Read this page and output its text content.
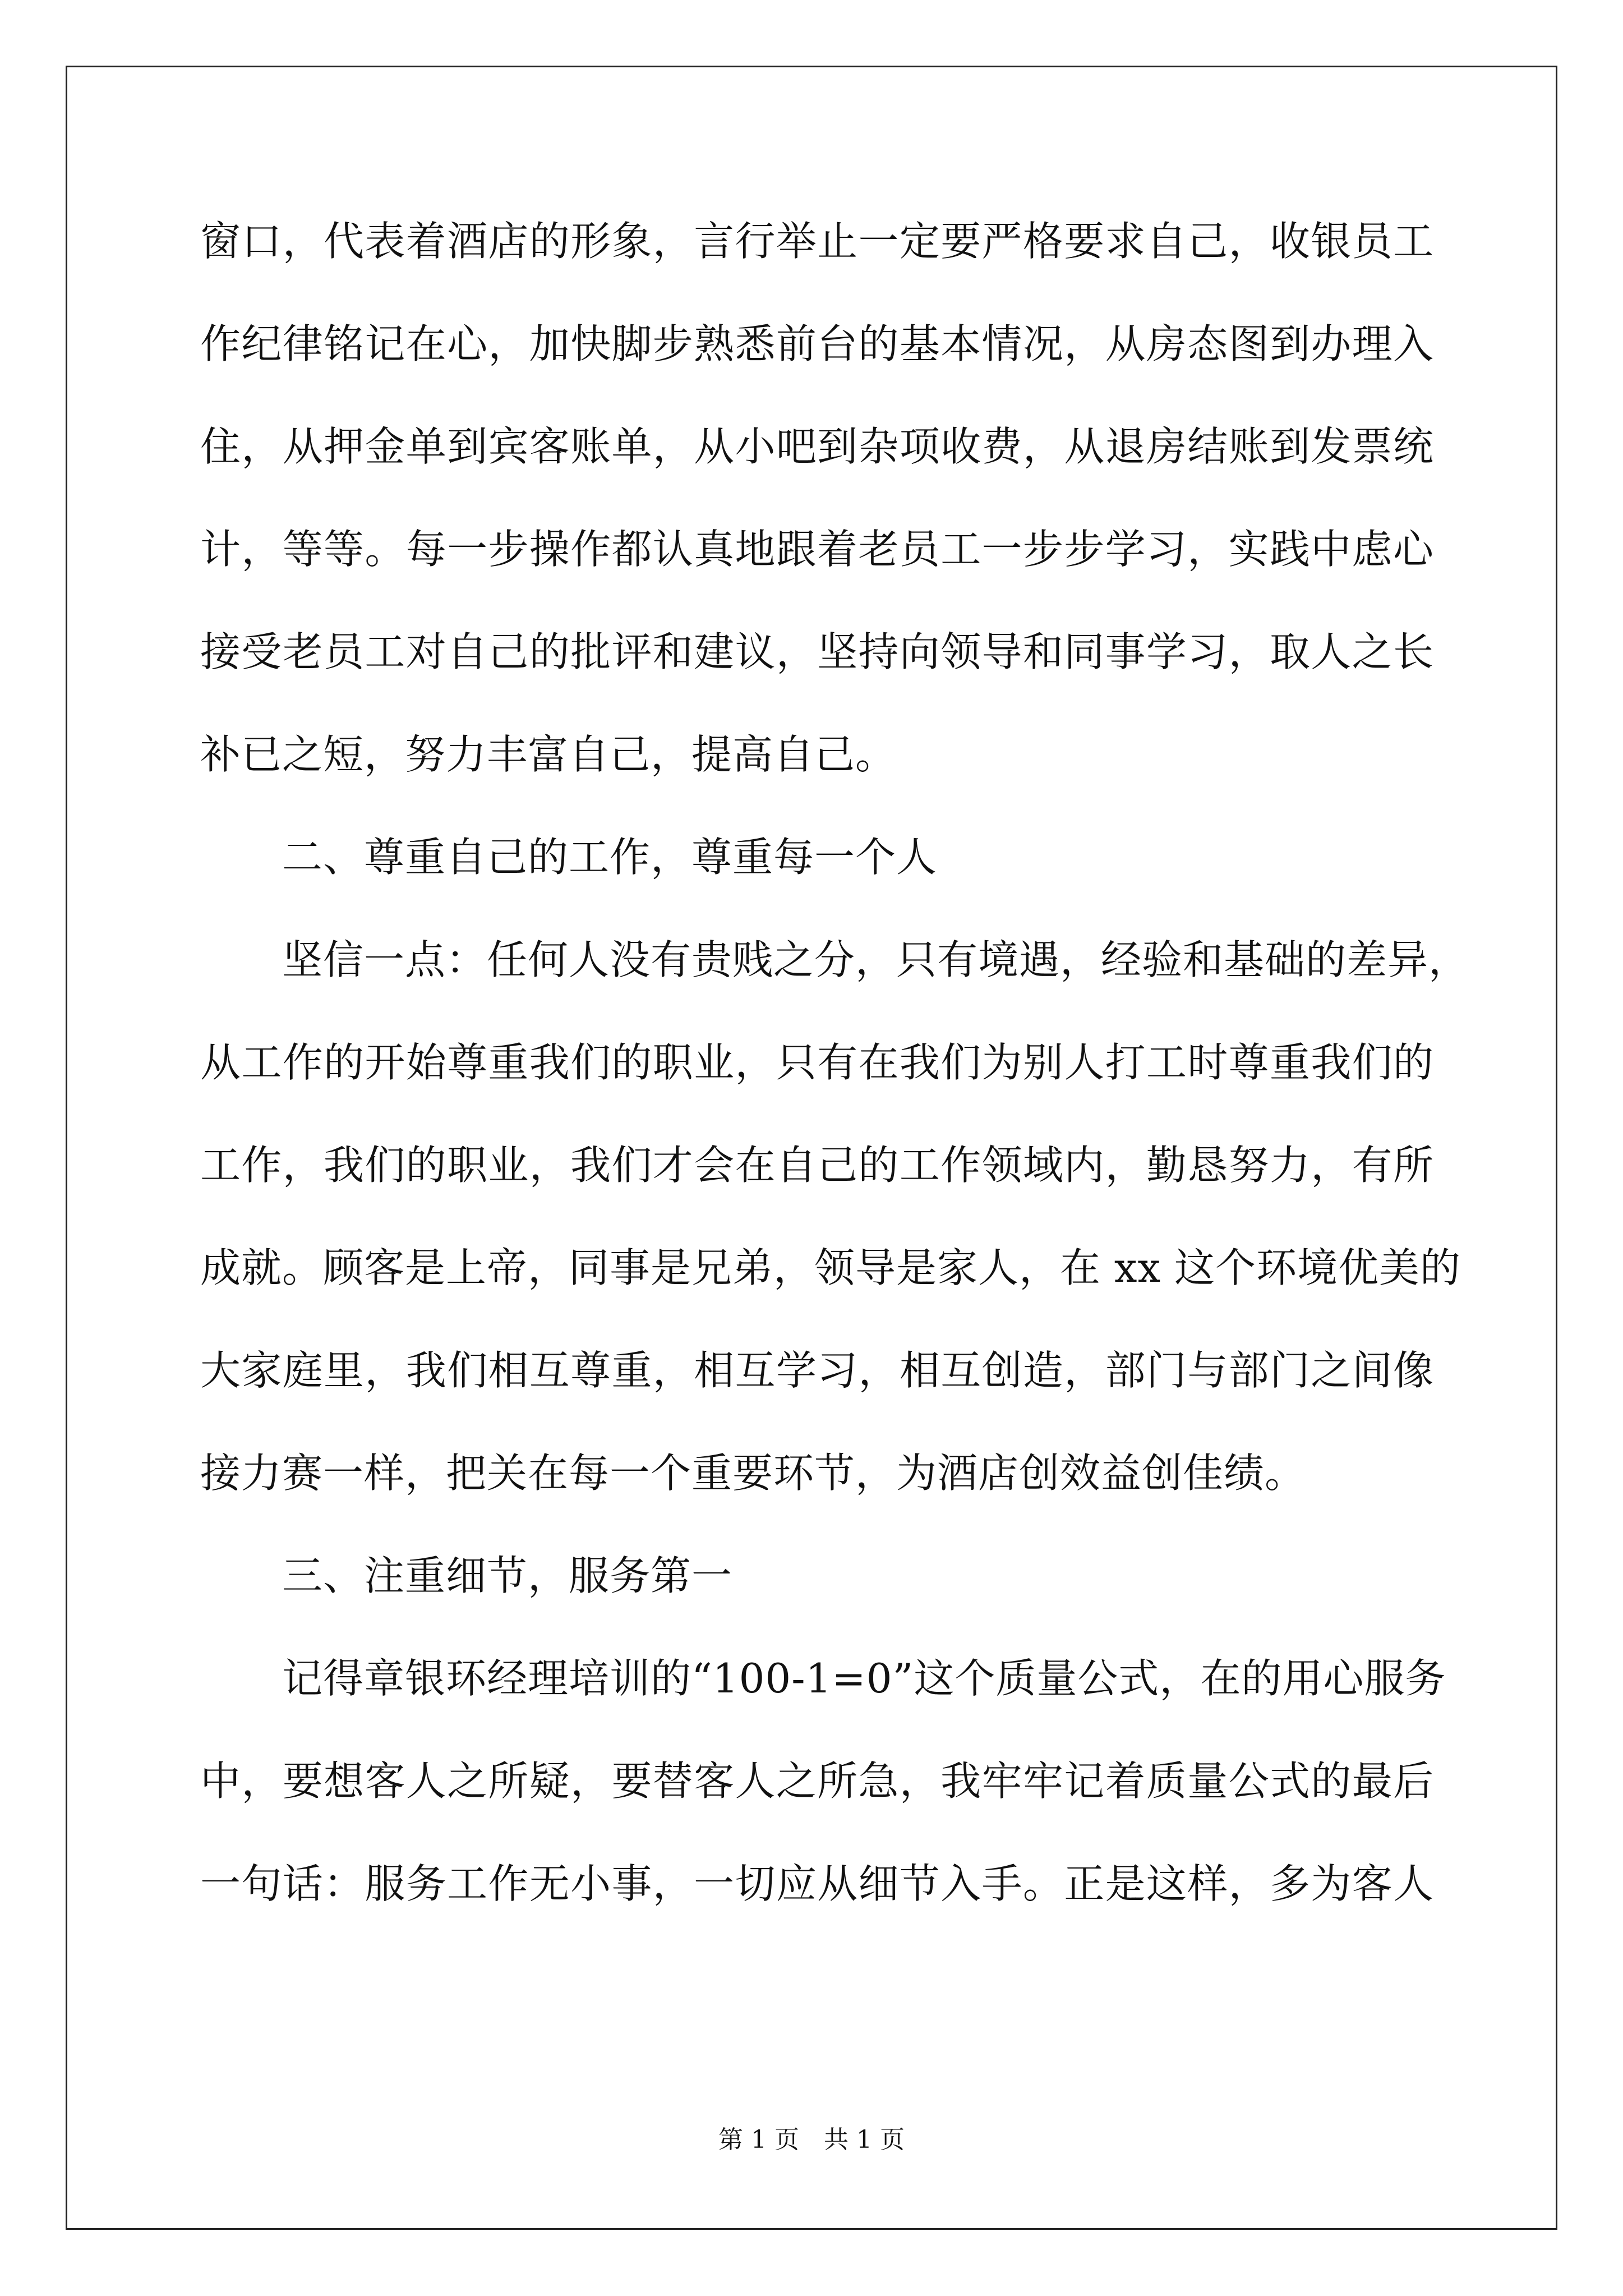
窗口，代表着酒店的形象，言行举止一定要严格要求自己，收银员工
作纪律铭记在心，加快脚步熟悉前台的基本情况，从房态图到办理入
住，从押金单到宾客账单，从小吧到杂项收费，从退房结账到发票统
计，等等。每一步操作都认真地跟着老员工一步步学习，实践中虑心
接受老员工对自己的批评和建议，坚持向领导和同事学习，取人之长
补已之短，努力丰富自己，提高自己。
二、尊重自己的工作，尊重每一个人
坚信一点：任何人没有贵贱之分，只有境遇，经验和基础的差异，
从工作的开始尊重我们的职业，只有在我们为别人打工时尊重我们的
工作，我们的职业，我们才会在自己的工作领域内，勤恳努力，有所
成就。顾客是上帝，同事是兄弟，领导是家人，在 xx 这个环境优美的
大家庭里，我们相互尊重，相互学习，相互创造，部门与部门之间像
接力赛一样，把关在每一个重要环节，为酒店创效益创佳绩。
三、注重细节，服务第一
记得章银环经理培训的“100-1=0”这个质量公式，在的用心服务
中，要想客人之所疑，要替客人之所急，我牢牢记着质量公式的最后
一句话：服务工作无小事，一切应从细节入手。正是这样，多为客人
第 1 页　共 1 页
